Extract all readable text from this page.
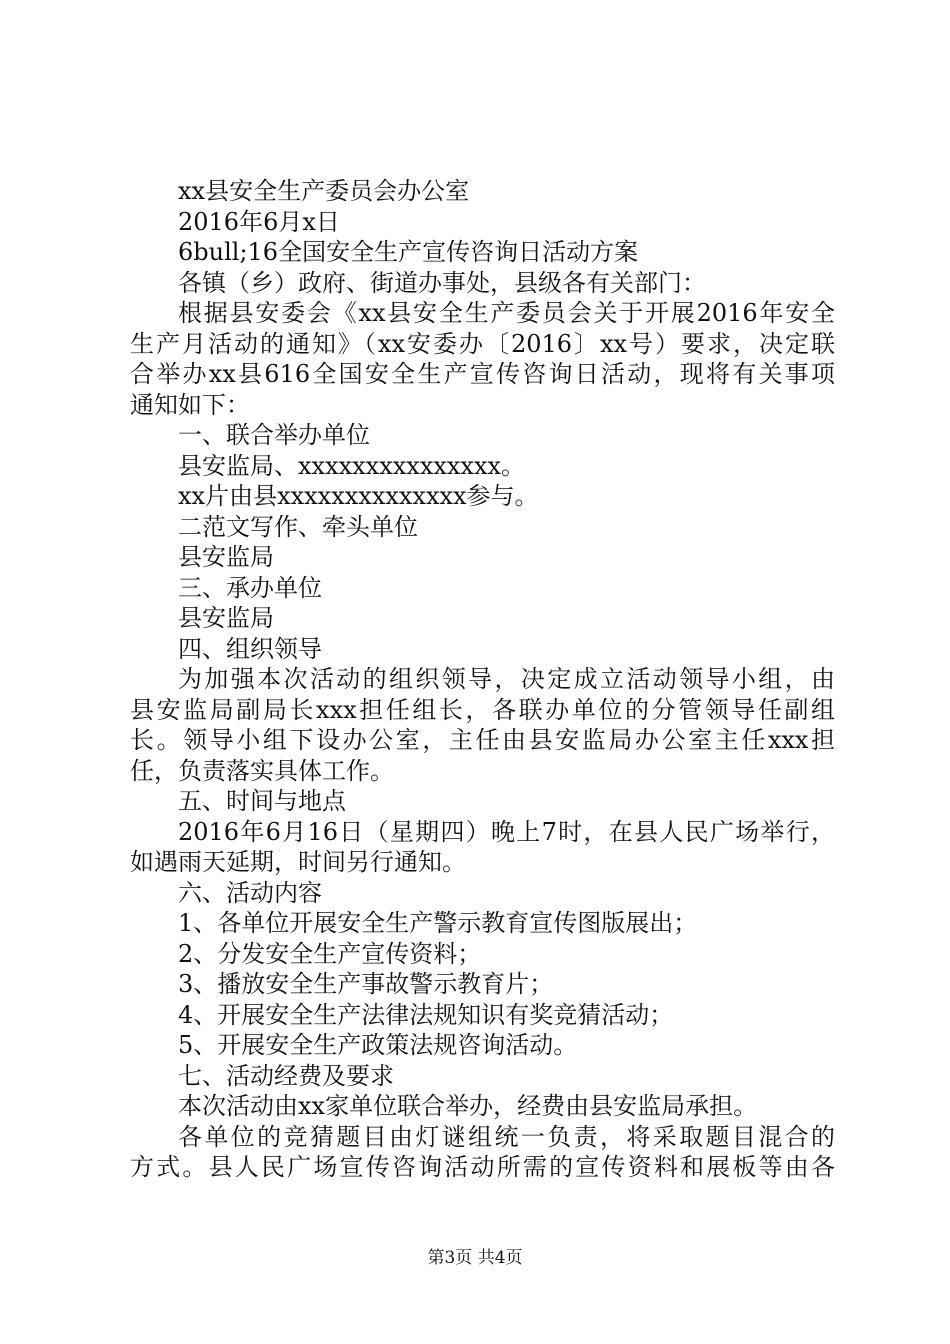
xx县安全生产委员会办公室
2016年6月x日
6bull;16全国安全生产宣传咨询日活动方案
各镇（乡）政府、街道办事处，县级各有关部门：
根据县安委会《xx县安全生产委员会关于开展2016年安全
生产月活动的通知》（xx安委办〔2016〕xx号）要求，决定联
合举办xx县616全国安全生产宣传咨询日活动，现将有关事项
通知如下：
一、联合举办单位
县安监局、xxxxxxxxxxxxxxx。
xx片由县xxxxxxxxxxxxxx参与。
二范文写作、牵头单位
县安监局
三、承办单位
县安监局
四、组织领导
为加强本次活动的组织领导，决定成立活动领导小组，由
县安监局副局长xxx担任组长，各联办单位的分管领导任副组
长。领导小组下设办公室，主任由县安监局办公室主任xxx担
任，负责落实具体工作。
五、时间与地点
2016年6月16日（星期四）晚上7时，在县人民广场举行，
如遇雨天延期，时间另行通知。
六、活动内容
1、各单位开展安全生产警示教育宣传图版展出；
2、分发安全生产宣传资料；
3、播放安全生产事故警示教育片；
4、开展安全生产法律法规知识有奖竞猜活动；
5、开展安全生产政策法规咨询活动。
七、活动经费及要求
本次活动由xx家单位联合举办，经费由县安监局承担。
各单位的竞猜题目由灯谜组统一负责，将采取题目混合的
方式。县人民广场宣传咨询活动所需的宣传资料和展板等由各
第3页 共4页
